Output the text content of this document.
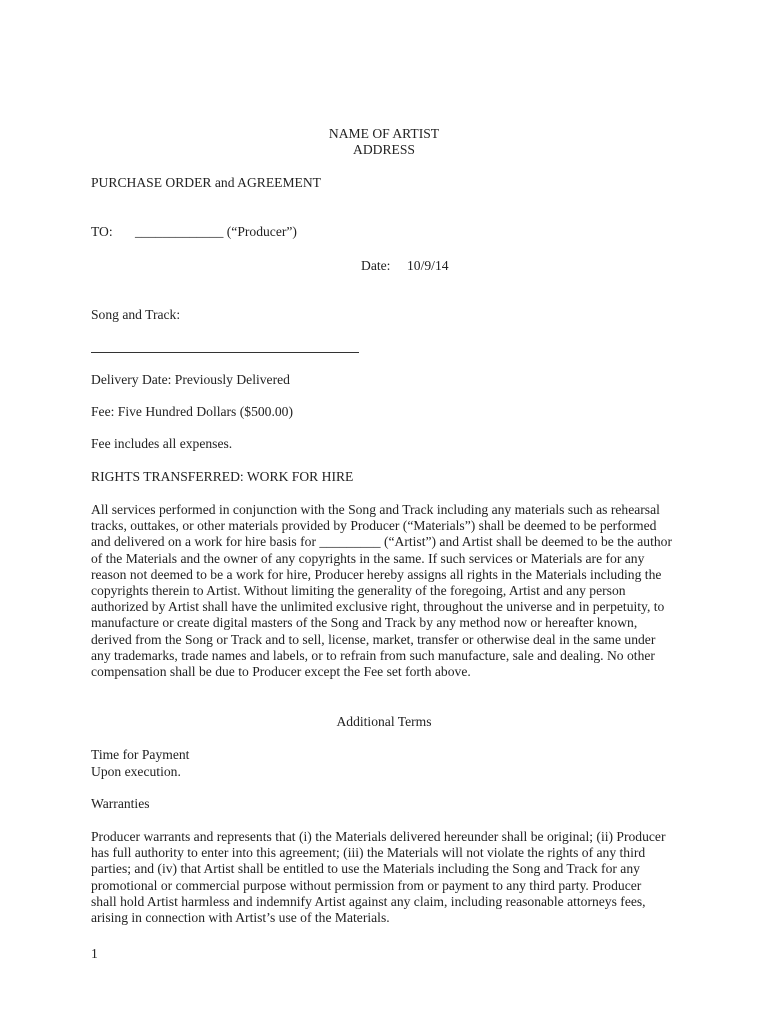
NAME OF ARTIST
ADDRESS
PURCHASE ORDER and AGREEMENT
TO: _____________ (“Producer”)
Date: 10/9/14
Song and Track:
Delivery Date: Previously Delivered
Fee: Five Hundred Dollars ($500.00)
Fee includes all expenses.
RIGHTS TRANSFERRED: WORK FOR HIRE
All services performed in conjunction with the Song and Track including any materials such as rehearsal
tracks, outtakes, or other materials provided by Producer (“Materials”) shall be deemed to be performed
and delivered on a work for hire basis for _________ (“Artist”) and Artist shall be deemed to be the author
of the Materials and the owner of any copyrights in the same. If such services or Materials are for any
reason not deemed to be a work for hire, Producer hereby assigns all rights in the Materials including the
copyrights therein to Artist. Without limiting the generality of the foregoing, Artist and any person
authorized by Artist shall have the unlimited exclusive right, throughout the universe and in perpetuity, to
manufacture or create digital masters of the Song and Track by any method now or hereafter known,
derived from the Song or Track and to sell, license, market, transfer or otherwise deal in the same under
any trademarks, trade names and labels, or to refrain from such manufacture, sale and dealing. No other
compensation shall be due to Producer except the Fee set forth above.
Additional Terms
Time for Payment
Upon execution.
Warranties
Producer warrants and represents that (i) the Materials delivered hereunder shall be original; (ii) Producer
has full authority to enter into this agreement; (iii) the Materials will not violate the rights of any third
parties; and (iv) that Artist shall be entitled to use the Materials including the Song and Track for any
promotional or commercial purpose without permission from or payment to any third party. Producer
shall hold Artist harmless and indemnify Artist against any claim, including reasonable attorneys fees,
arising in connection with Artist’s use of the Materials.
1
